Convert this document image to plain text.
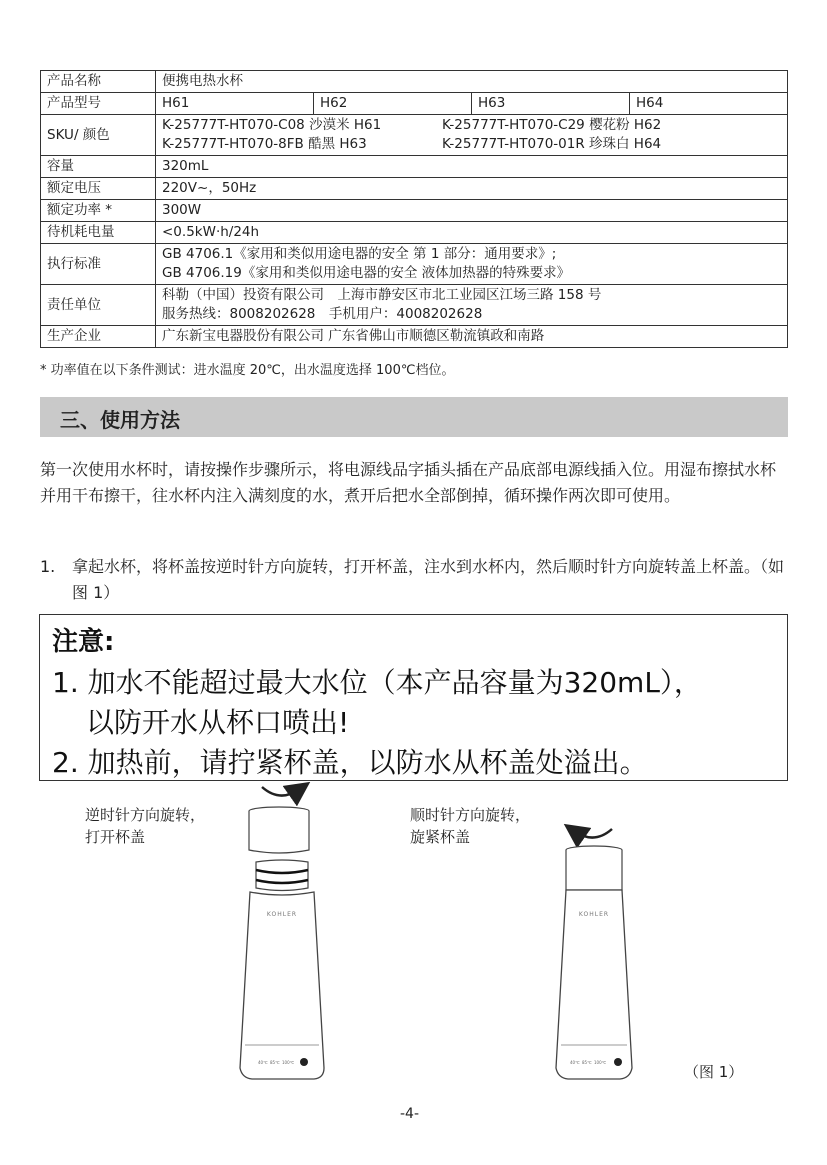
产品名称	便携电热水杯			
产品型号	H61	H62	H63	H64
SKU/ 颜色	K-25777T-HT070-C08 沙漠米 H61 K-25777T-HT070-C29 樱花粉 H62
K-25777T-HT070-8FB 酷黑 H63 K-25777T-HT070-01R 珍珠白 H64			

容量	320mL			
额定电压	220V~，50Hz			
额定功率 *	300W			
待机耗电量	<0.5kW·h/24h			
执行标准	GB 4706.1《家用和类似用途电器的安全 第 1 部分：通用要求》;
GB 4706.19《家用和类似用途电器的安全 液体加热器的特殊要求》			

责任单位	科勒（中国）投资有限公司　上海市静安区市北工业园区江场三路 158 号
服务热线：8008202628　手机用户：4008202628			

生产企业	广东新宝电器股份有限公司 广东省佛山市顺德区勒流镇政和南路			
* 功率值在以下条件测试：进水温度 20℃，出水温度选择 100℃档位。
三、使用方法
第一次使用水杯时，请按操作步骤所示，将电源线品字插头插在产品底部电源线插入位。用湿布擦拭水杯并用干布擦干，往水杯内注入满刻度的水，煮开后把水全部倒掉，循环操作两次即可使用。
1. 拿起水杯，将杯盖按逆时针方向旋转，打开杯盖，注水到水杯内，然后顺时针方向旋转盖上杯盖。（如图 1）
注意:
1. 加水不能超过最大水位（本产品容量为320mL），
以防开水从杯口喷出!
2. 加热前，请拧紧杯盖，以防水从杯盖处溢出。
逆时针方向旋转，
打开杯盖
顺时针方向旋转，
旋紧杯盖
KOHLER
40℃ 85℃ 100℃
KOHLER
40℃ 85℃ 100℃
（图 1）
-4-
